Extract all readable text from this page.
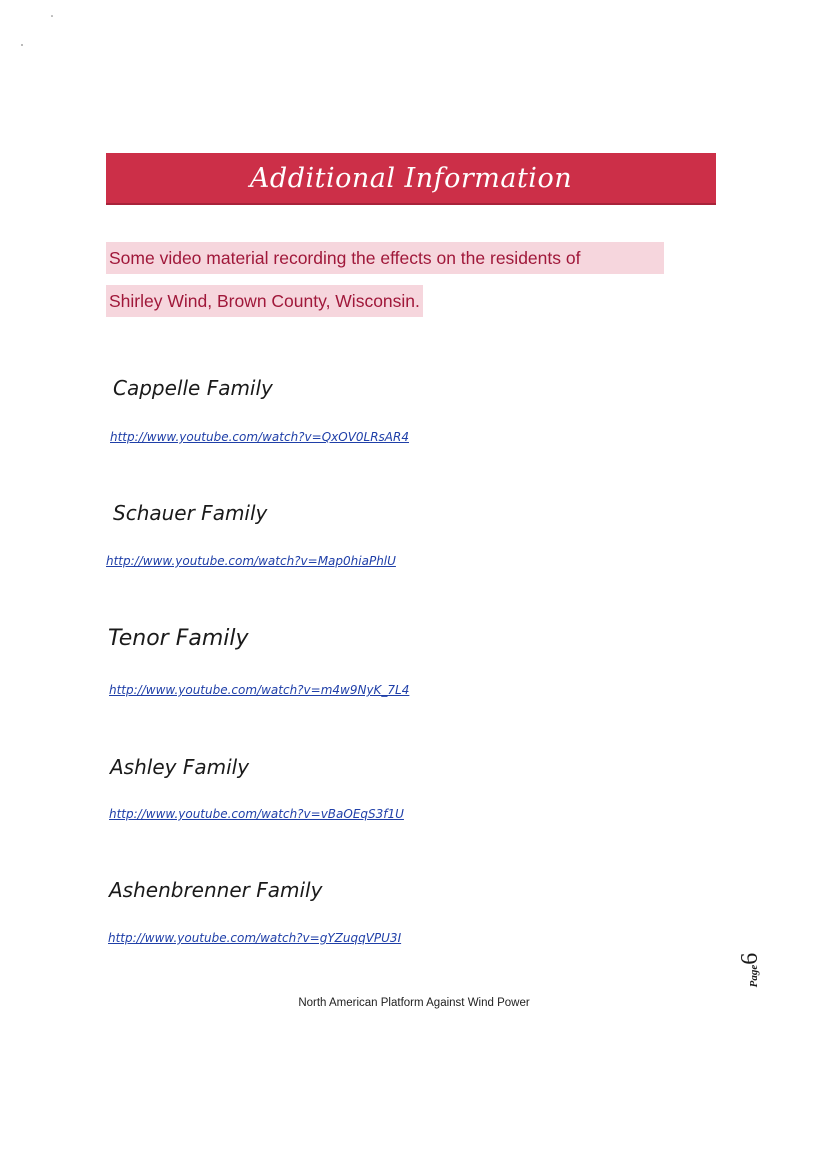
Additional Information
Some video material recording the effects on the residents of
Shirley Wind, Brown County, Wisconsin.
Cappelle Family
http://www.youtube.com/watch?v=QxOV0LRsAR4
Schauer Family
http://www.youtube.com/watch?v=Map0hiaPhlU
Tenor Family
http://www.youtube.com/watch?v=m4w9NyK_7L4
Ashley Family
http://www.youtube.com/watch?v=vBaOEqS3f1U
Ashenbrenner Family
http://www.youtube.com/watch?v=gYZuqqVPU3I
Page
6
North American Platform Against Wind Power
